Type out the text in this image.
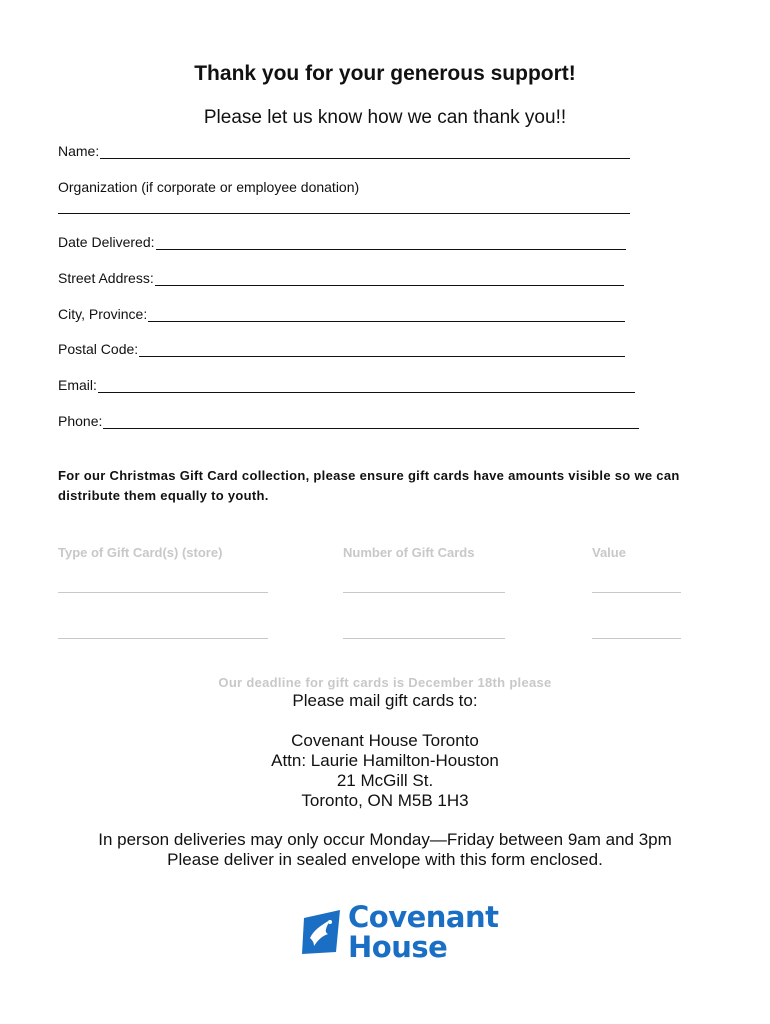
Thank you for your generous support!
Please let us know how we can thank you!!
Name:
Organization (if corporate or employee donation)
Date Delivered:
Street Address:
City, Province:
Postal Code:
Email:
Phone:
For our Christmas Gift Card collection, please ensure gift cards have amounts visible so we can distribute them equally to youth.
Type of Gift Card(s) (store)	Number of Gift Cards	Value
Our deadline for gift cards is December 18th please
Please mail gift cards to:
Covenant House Toronto
Attn: Laurie Hamilton-Houston
21 McGill St.
Toronto, ON M5B 1H3
In person deliveries may only occur Monday—Friday between 9am and 3pm
Please deliver in sealed envelope with this form enclosed.
Covenant
House
